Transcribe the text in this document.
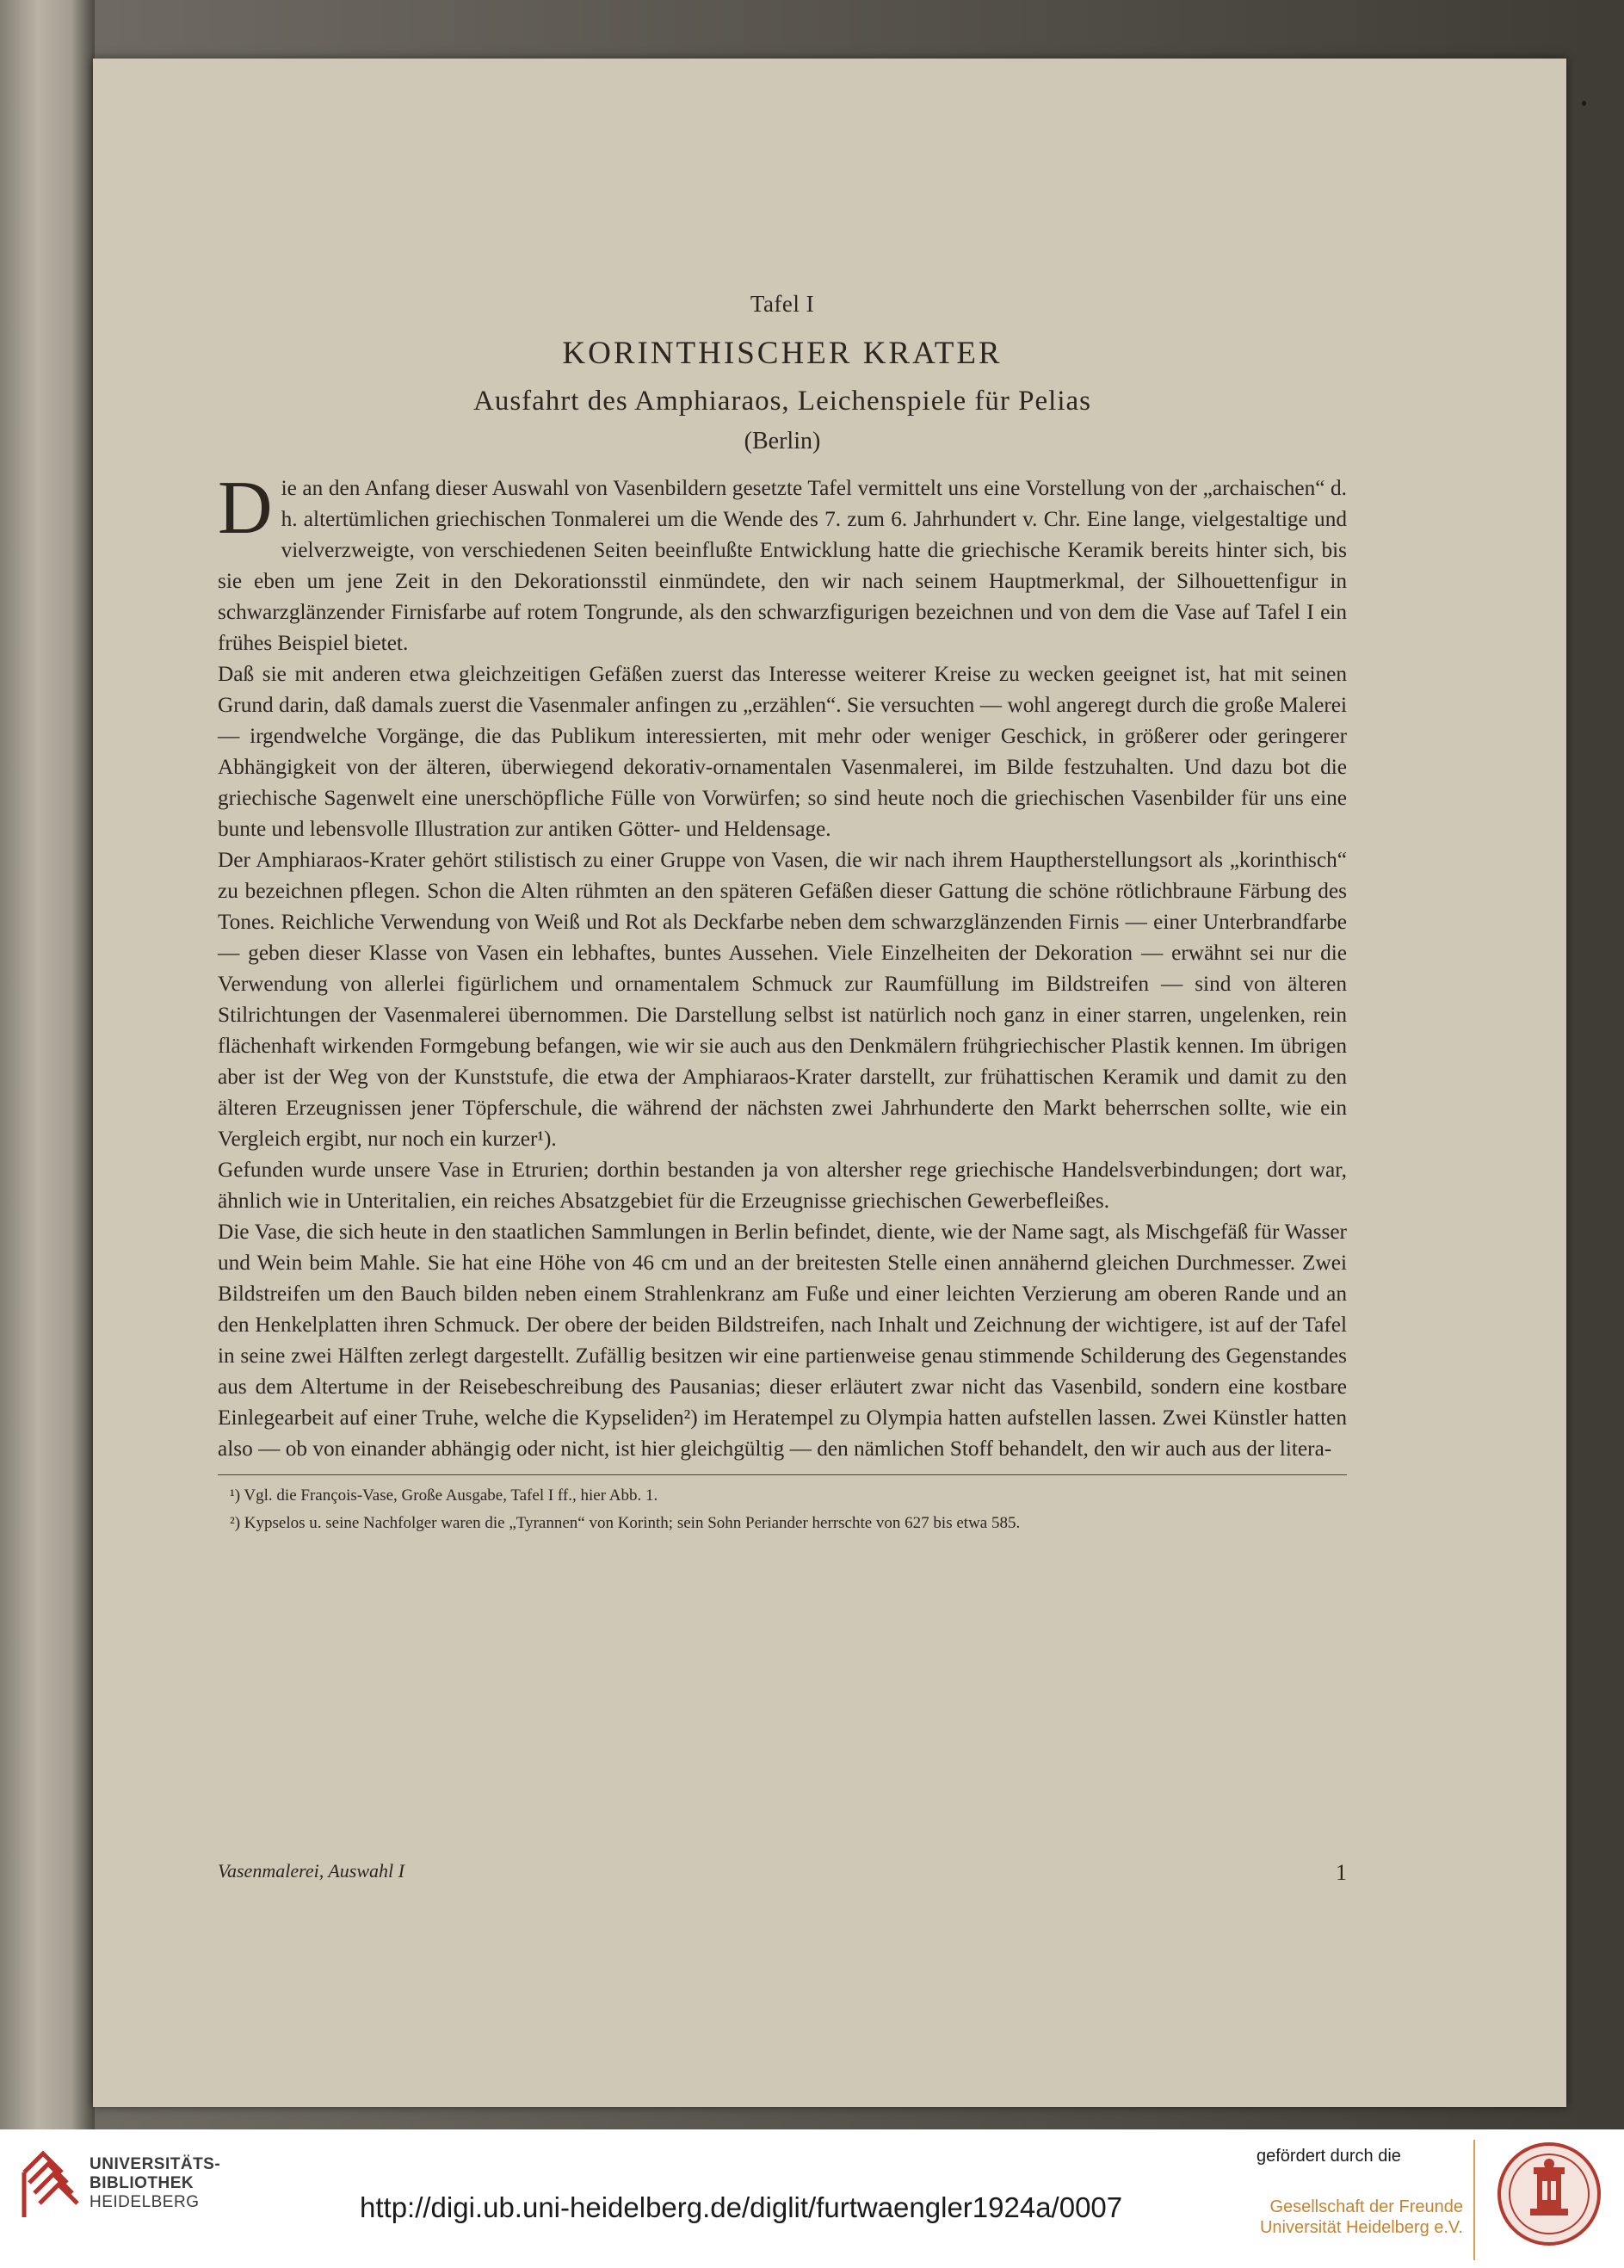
Tafel I
KORINTHISCHER KRATER
Ausfahrt des Amphiaraos, Leichenspiele für Pelias
(Berlin)

Die an den Anfang dieser Auswahl von Vasenbildern gesetzte Tafel vermittelt uns eine Vorstellung von der „archaischen“ d. h. altertümlichen griechischen Tonmalerei um die Wende des 7. zum 6. Jahrhundert v. Chr. Eine lange, vielgestaltige und vielverzweigte, von verschiedenen Seiten beeinflußte Entwicklung hatte die griechische Keramik bereits hinter sich, bis sie eben um jene Zeit in den Dekorationsstil einmündete, den wir nach seinem Hauptmerkmal, der Silhouettenfigur in schwarzglänzender Firnisfarbe auf rotem Tongrunde, als den schwarzfigurigen bezeichnen und von dem die Vase auf Tafel I ein frühes Beispiel bietet.

Daß sie mit anderen etwa gleichzeitigen Gefäßen zuerst das Interesse weiterer Kreise zu wecken geeignet ist, hat mit seinen Grund darin, daß damals zuerst die Vasenmaler anfingen zu „erzählen“. Sie versuchten — wohl angeregt durch die große Malerei — irgendwelche Vorgänge, die das Publikum interessierten, mit mehr oder weniger Geschick, in größerer oder geringerer Abhängigkeit von der älteren, überwiegend dekorativ-ornamentalen Vasenmalerei, im Bilde festzuhalten. Und dazu bot die griechische Sagenwelt eine unerschöpfliche Fülle von Vorwürfen; so sind heute noch die griechischen Vasenbilder für uns eine bunte und lebensvolle Illustration zur antiken Götter- und Heldensage.

Der Amphiaraos-Krater gehört stilistisch zu einer Gruppe von Vasen, die wir nach ihrem Hauptherstellungsort als „korinthisch“ zu bezeichnen pflegen. Schon die Alten rühmten an den späteren Gefäßen dieser Gattung die schöne rötlichbraune Färbung des Tones. Reichliche Verwendung von Weiß und Rot als Deckfarbe neben dem schwarzglänzenden Firnis — einer Unterbrandfarbe — geben dieser Klasse von Vasen ein lebhaftes, buntes Aussehen. Viele Einzelheiten der Dekoration — erwähnt sei nur die Verwendung von allerlei figürlichem und ornamentalem Schmuck zur Raumfüllung im Bildstreifen — sind von älteren Stilrichtungen der Vasenmalerei übernommen. Die Darstellung selbst ist natürlich noch ganz in einer starren, ungelenken, rein flächenhaft wirkenden Formgebung befangen, wie wir sie auch aus den Denkmälern frühgriechischer Plastik kennen. Im übrigen aber ist der Weg von der Kunststufe, die etwa der Amphiaraos-Krater darstellt, zur frühattischen Keramik und damit zu den älteren Erzeugnissen jener Töpferschule, die während der nächsten zwei Jahrhunderte den Markt beherrschen sollte, wie ein Vergleich ergibt, nur noch ein kurzer¹).

Gefunden wurde unsere Vase in Etrurien; dorthin bestanden ja von altersher rege griechische Handelsverbindungen; dort war, ähnlich wie in Unteritalien, ein reiches Absatzgebiet für die Erzeugnisse griechischen Gewerbefleißes.

Die Vase, die sich heute in den staatlichen Sammlungen in Berlin befindet, diente, wie der Name sagt, als Mischgefäß für Wasser und Wein beim Mahle. Sie hat eine Höhe von 46 cm und an der breitesten Stelle einen annähernd gleichen Durchmesser. Zwei Bildstreifen um den Bauch bilden neben einem Strahlenkranz am Fuße und einer leichten Verzierung am oberen Rande und an den Henkelplatten ihren Schmuck. Der obere der beiden Bildstreifen, nach Inhalt und Zeichnung der wichtigere, ist auf der Tafel in seine zwei Hälften zerlegt dargestellt. Zufällig besitzen wir eine partienweise genau stimmende Schilderung des Gegenstandes aus dem Altertume in der Reisebeschreibung des Pausanias; dieser erläutert zwar nicht das Vasenbild, sondern eine kostbare Einlegearbeit auf einer Truhe, welche die Kypseliden²) im Heratempel zu Olympia hatten aufstellen lassen. Zwei Künstler hatten also — ob von einander abhängig oder nicht, ist hier gleichgültig — den nämlichen Stoff behandelt, den wir auch aus der litera-

¹) Vgl. die François-Vase, Große Ausgabe, Tafel I ff., hier Abb. 1.

²) Kypselos u. seine Nachfolger waren die „Tyrannen“ von Korinth; sein Sohn Periander herrschte von 627 bis etwa 585.

Vasenmalerei, Auswahl I	1
UNIVERSITÄTS-
BIBLIOTHEK
HEIDELBERG	http://digi.ub.uni-heidelberg.de/diglit/furtwaengler1924a/0007
gefördert durch die
Gesellschaft der Freunde
Universität Heidelberg e.V.
